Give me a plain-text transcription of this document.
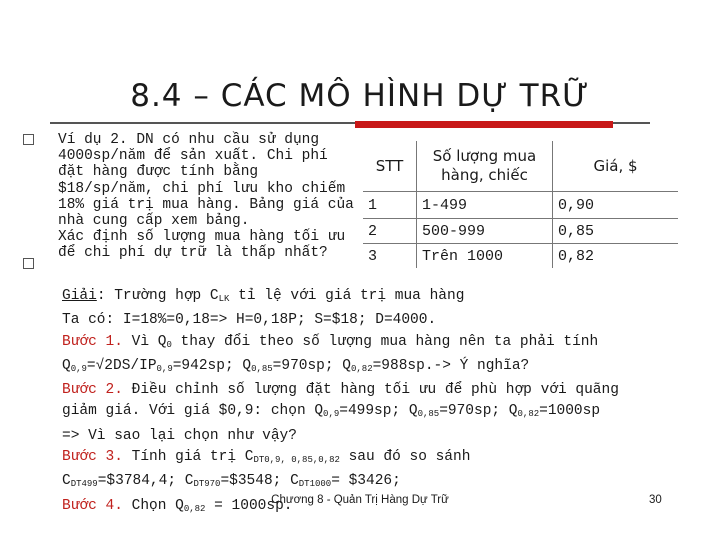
8.4 – CÁC MÔ HÌNH DỰ TRỮ

Ví dụ 2. DN có nhu cầu sử dụng 4000sp/năm để sản xuất. Chi phí đặt hàng được tính bằng $18/sp/năm, chi phí lưu kho chiếm 18% giá trị mua hàng. Bảng giá của nhà cung cấp xem bảng.

Xác định số lượng mua hàng tối ưu để chi phí dự trữ là thấp nhất?

STT	Số lượng mua hàng, chiếc	Giá, $
1	1-499	0,90
2	500-999	0,85
3	Trên 1000	0,82
Giải: Trường hợp $C_{LK}$ tỉ lệ với giá trị mua hàng
Ta có: I=18%=0,18=> H=0,18P; S=$18; D=4000.
Bước 1. Vì $Q_0$ thay đổi theo số lượng mua hàng nên ta phải tính
$Q_{0,9}=√2DS/IP_{0,9}=942sp$; $Q_{0,85}=970sp$; $Q_{0,82}=988sp.->$ Ý nghĩa?
Bước 2. Điều chỉnh số lượng đặt hàng tối ưu để phù hợp với quãng
giảm giá. Với giá $0,9: chọn $Q_{0,9}=499sp$; $Q_{0,85}=970sp$; $Q_{0,82}=1000sp$
=> Vì sao lại chọn như vậy?
Bước 3. Tính giá trị $C_{DT0,9, 0,85,0,82}$ sau đó so sánh
$C_{DT499}=\$3784,4$; $C_{DT970}=\$3548$; $C_{DT1000}=$ $3426;
Bước 4. Chọn $Q_{0,82} = 1000sp$.
Chương 8 - Quản Trị Hàng Dự Trữ	30
